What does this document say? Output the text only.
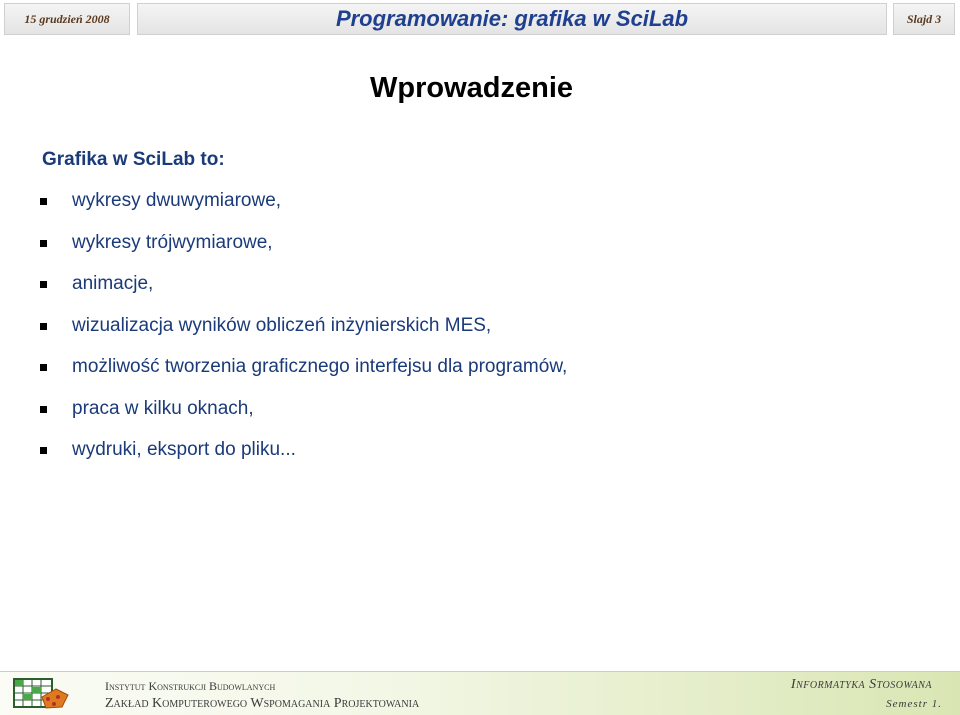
15 grudzień 2008	Programowanie: grafika w SciLab	Slajd 3
Wprowadzenie

Grafika w SciLab to:

wykresy dwuwymiarowe,
wykresy trójwymiarowe,
animacje,
wizualizacja wyników obliczeń inżynierskich MES,
możliwość tworzenia graficznego interfejsu dla programów,
praca w kilku oknach,
wydruki, eksport do pliku...
Instytut Konstrukcji Budowlanych
Zakład Komputerowego Wspomagania Projektowania
Informatyka Stosowana
Semestr 1.
